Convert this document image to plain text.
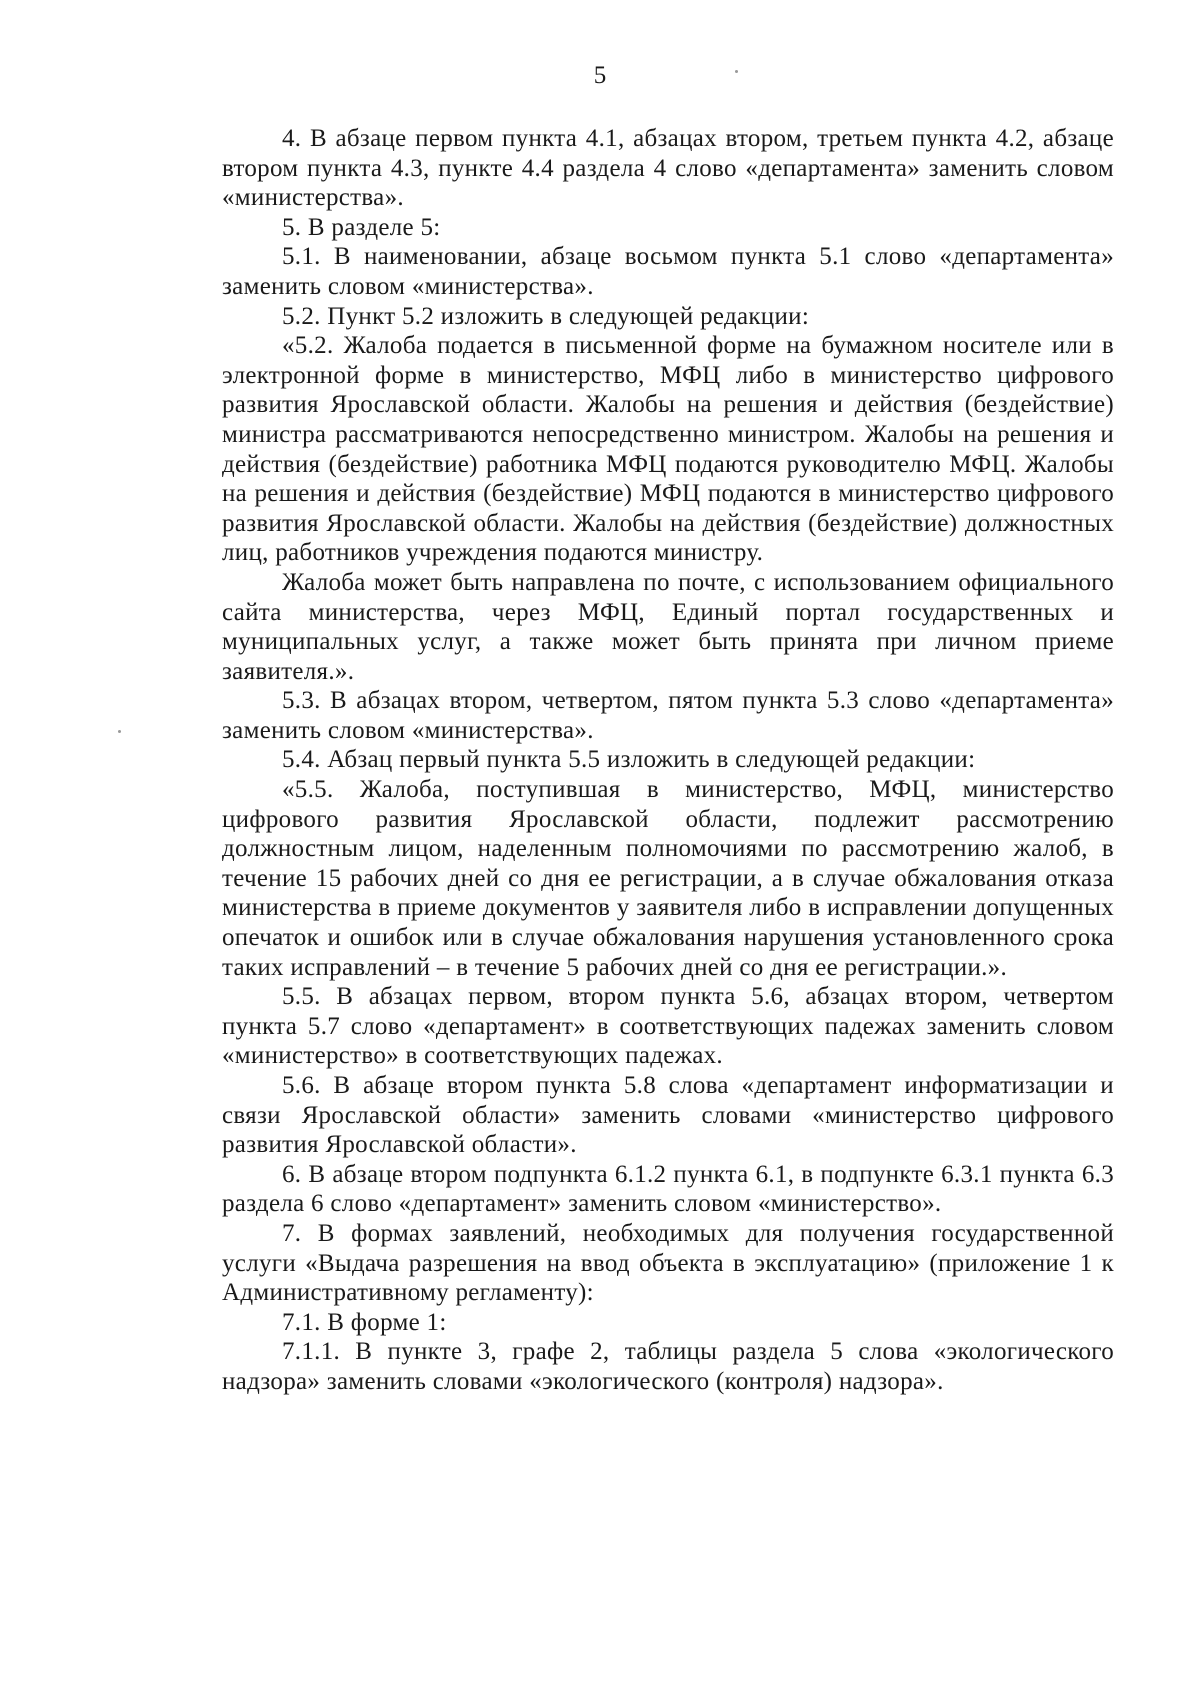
5

4. В абзаце первом пункта 4.1, абзацах втором, третьем пункта 4.2, абзаце втором пункта 4.3, пункте 4.4 раздела 4 слово «департамента» заменить словом «министерства».

5. В разделе 5:

5.1. В наименовании, абзаце восьмом пункта 5.1 слово «департамента» заменить словом «министерства».

5.2. Пункт 5.2 изложить в следующей редакции:

«5.2. Жалоба подается в письменной форме на бумажном носителе или в электронной форме в министерство, МФЦ либо в министерство цифрового развития Ярославской области. Жалобы на решения и действия (бездействие) министра рассматриваются непосредственно министром. Жалобы на решения и действия (бездействие) работника МФЦ подаются руководителю МФЦ. Жалобы на решения и действия (бездействие) МФЦ подаются в министерство цифрового развития Ярославской области. Жалобы на действия (бездействие) должностных лиц, работников учреждения подаются министру.

Жалоба может быть направлена по почте, с использованием официального сайта министерства, через МФЦ, Единый портал государственных и муниципальных услуг, а также может быть принята при личном приеме заявителя.».

5.3. В абзацах втором, четвертом, пятом пункта 5.3 слово «департамента» заменить словом «министерства».

5.4. Абзац первый пункта 5.5 изложить в следующей редакции:

«5.5. Жалоба, поступившая в министерство, МФЦ, министерство цифрового развития Ярославской области, подлежит рассмотрению должностным лицом, наделенным полномочиями по рассмотрению жалоб, в течение 15 рабочих дней со дня ее регистрации, а в случае обжалования отказа министерства в приеме документов у заявителя либо в исправлении допущенных опечаток и ошибок или в случае обжалования нарушения установленного срока таких исправлений – в течение 5 рабочих дней со дня ее регистрации.».

5.5. В абзацах первом, втором пункта 5.6, абзацах втором, четвертом пункта 5.7 слово «департамент» в соответствующих падежах заменить словом «министерство» в соответствующих падежах.

5.6. В абзаце втором пункта 5.8 слова «департамент информатизации и связи Ярославской области» заменить словами «министерство цифрового развития Ярославской области».

6. В абзаце втором подпункта 6.1.2 пункта 6.1, в подпункте 6.3.1 пункта 6.3 раздела 6 слово «департамент» заменить словом «министерство».

7. В формах заявлений, необходимых для получения государственной услуги «Выдача разрешения на ввод объекта в эксплуатацию» (приложение 1 к Административному регламенту):

7.1. В форме 1:

7.1.1. В пункте 3, графе 2, таблицы раздела 5 слова «экологического надзора» заменить словами «экологического (контроля) надзора».
